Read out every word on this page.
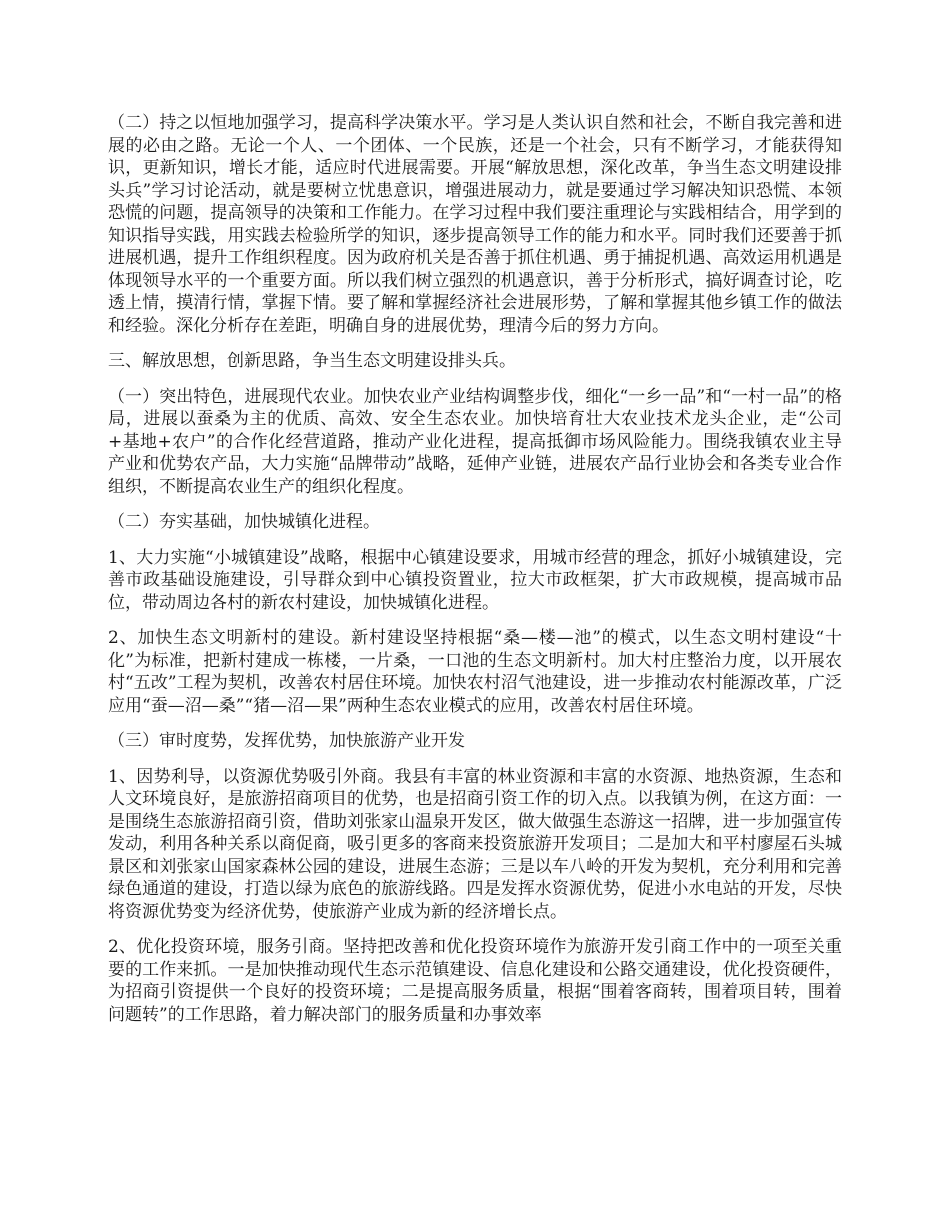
（二）持之以恒地加强学习，提高科学决策水平。学习是人类认识自然和社会，不断自我完善和进展的必由之路。无论一个人、一个团体、一个民族，还是一个社会，只有不断学习，才能获得知识，更新知识，增长才能，适应时代进展需要。开展“解放思想，深化改革，争当生态文明建设排头兵”学习讨论活动，就是要树立忧患意识，增强进展动力，就是要通过学习解决知识恐慌、本领恐慌的问题，提高领导的决策和工作能力。在学习过程中我们要注重理论与实践相结合，用学到的知识指导实践，用实践去检验所学的知识，逐步提高领导工作的能力和水平。同时我们还要善于抓进展机遇，提升工作组织程度。因为政府机关是否善于抓住机遇、勇于捕捉机遇、高效运用机遇是体现领导水平的一个重要方面。所以我们树立强烈的机遇意识，善于分析形式，搞好调查讨论，吃透上情，摸清行情，掌握下情。要了解和掌握经济社会进展形势，了解和掌握其他乡镇工作的做法和经验。深化分析存在差距，明确自身的进展优势，理清今后的努力方向。

三、解放思想，创新思路，争当生态文明建设排头兵。

（一）突出特色，进展现代农业。加快农业产业结构调整步伐，细化“一乡一品”和“一村一品”的格局，进展以蚕桑为主的优质、高效、安全生态农业。加快培育壮大农业技术龙头企业，走“公司+基地+农户”的合作化经营道路，推动产业化进程，提高抵御市场风险能力。围绕我镇农业主导产业和优势农产品，大力实施“品牌带动”战略，延伸产业链，进展农产品行业协会和各类专业合作组织，不断提高农业生产的组织化程度。

（二）夯实基础，加快城镇化进程。

1、大力实施“小城镇建设”战略，根据中心镇建设要求，用城市经营的理念，抓好小城镇建设，完善市政基础设施建设，引导群众到中心镇投资置业，拉大市政框架，扩大市政规模，提高城市品位，带动周边各村的新农村建设，加快城镇化进程。

2、加快生态文明新村的建设。新村建设坚持根据“桑—楼—池”的模式，以生态文明村建设“十化”为标准，把新村建成一栋楼，一片桑，一口池的生态文明新村。加大村庄整治力度，以开展农村“五改”工程为契机，改善农村居住环境。加快农村沼气池建设，进一步推动农村能源改革，广泛应用“蚕—沼—桑”“猪—沼—果”两种生态农业模式的应用，改善农村居住环境。

（三）审时度势，发挥优势，加快旅游产业开发

1、因势利导，以资源优势吸引外商。我县有丰富的林业资源和丰富的水资源、地热资源，生态和人文环境良好，是旅游招商项目的优势，也是招商引资工作的切入点。以我镇为例，在这方面：一是围绕生态旅游招商引资，借助刘张家山温泉开发区，做大做强生态游这一招牌，进一步加强宣传发动，利用各种关系以商促商，吸引更多的客商来投资旅游开发项目；二是加大和平村廖屋石头城景区和刘张家山国家森林公园的建设，进展生态游；三是以车八岭的开发为契机，充分利用和完善绿色通道的建设，打造以绿为底色的旅游线路。四是发挥水资源优势，促进小水电站的开发，尽快将资源优势变为经济优势，使旅游产业成为新的经济增长点。

2、优化投资环境，服务引商。坚持把改善和优化投资环境作为旅游开发引商工作中的一项至关重要的工作来抓。一是加快推动现代生态示范镇建设、信息化建设和公路交通建设，优化投资硬件，为招商引资提供一个良好的投资环境；二是提高服务质量，根据“围着客商转，围着项目转，围着问题转”的工作思路，着力解决部门的服务质量和办事效率
